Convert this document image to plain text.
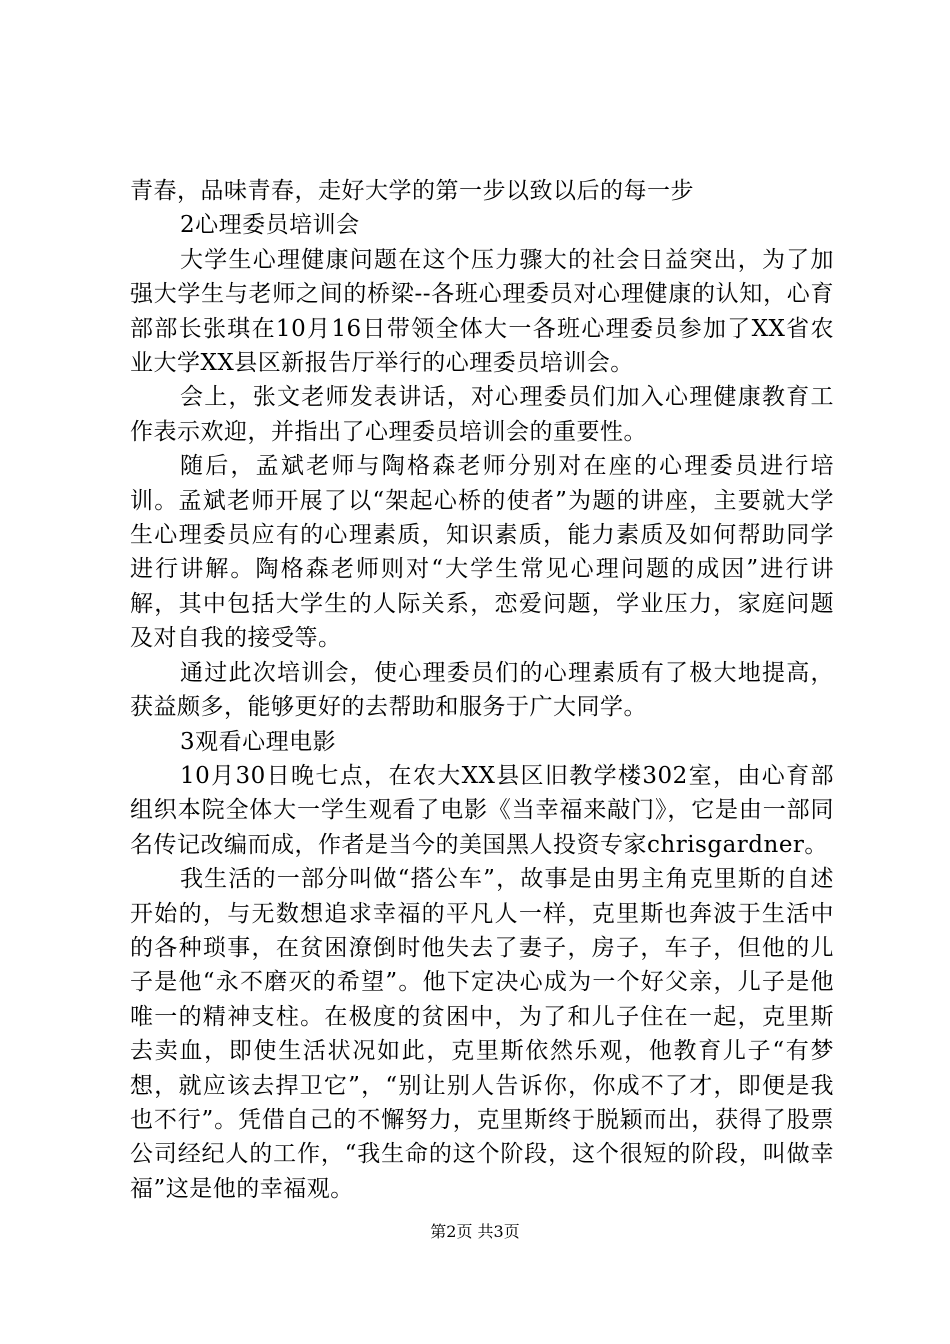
青春，品味青春，走好大学的第一步以致以后的每一步

2心理委员培训会

大学生心理健康问题在这个压力骤大的社会日益突出，为了加强大学生与老师之间的桥梁--各班心理委员对心理健康的认知，心育部部长张琪在10月16日带领全体大一各班心理委员参加了XX省农业大学XX县区新报告厅举行的心理委员培训会。

会上，张文老师发表讲话，对心理委员们加入心理健康教育工作表示欢迎，并指出了心理委员培训会的重要性。

随后，孟斌老师与陶格森老师分别对在座的心理委员进行培训。孟斌老师开展了以“架起心桥的使者”为题的讲座，主要就大学生心理委员应有的心理素质，知识素质，能力素质及如何帮助同学进行讲解。陶格森老师则对“大学生常见心理问题的成因”进行讲解，其中包括大学生的人际关系，恋爱问题，学业压力，家庭问题及对自我的接受等。

通过此次培训会，使心理委员们的心理素质有了极大地提高，获益颇多，能够更好的去帮助和服务于广大同学。

3观看心理电影

10月30日晚七点，在农大XX县区旧教学楼302室，由心育部组织本院全体大一学生观看了电影《当幸福来敲门》，它是由一部同名传记改编而成，作者是当今的美国黑人投资专家chrisgardner。

我生活的一部分叫做“搭公车”，故事是由男主角克里斯的自述开始的，与无数想追求幸福的平凡人一样，克里斯也奔波于生活中的各种琐事，在贫困潦倒时他失去了妻子，房子，车子，但他的儿子是他“永不磨灭的希望”。他下定决心成为一个好父亲，儿子是他唯一的精神支柱。在极度的贫困中，为了和儿子住在一起，克里斯去卖血，即使生活状况如此，克里斯依然乐观，他教育儿子“有梦想，就应该去捍卫它”，“别让别人告诉你，你成不了才，即便是我也不行”。凭借自己的不懈努力，克里斯终于脱颖而出，获得了股票公司经纪人的工作，“我生命的这个阶段，这个很短的阶段，叫做幸福”这是他的幸福观。

第2页 共3页
